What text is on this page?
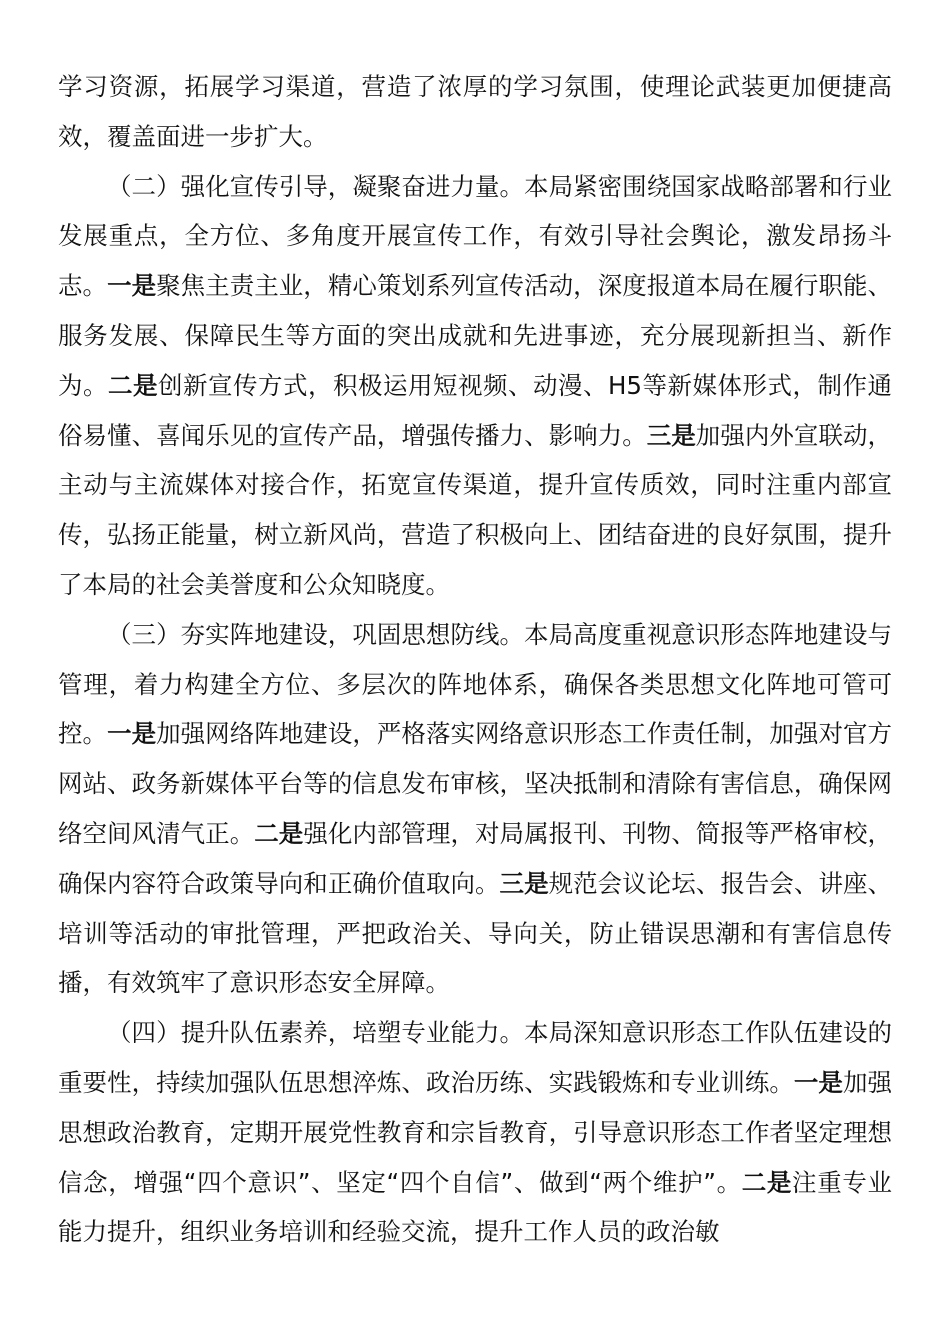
学习资源，拓展学习渠道，营造了浓厚的学习氛围，使理论武装更加便捷高效，覆盖面进一步扩大。

（二）强化宣传引导，凝聚奋进力量。本局紧密围绕国家战略部署和行业发展重点，全方位、多角度开展宣传工作，有效引导社会舆论，激发昂扬斗志。一是聚焦主责主业，精心策划系列宣传活动，深度报道本局在履行职能、服务发展、保障民生等方面的突出成就和先进事迹，充分展现新担当、新作为。二是创新宣传方式，积极运用短视频、动漫、H5等新媒体形式，制作通俗易懂、喜闻乐见的宣传产品，增强传播力、影响力。三是加强内外宣联动，主动与主流媒体对接合作，拓宽宣传渠道，提升宣传质效，同时注重内部宣传，弘扬正能量，树立新风尚，营造了积极向上、团结奋进的良好氛围，提升了本局的社会美誉度和公众知晓度。

（三）夯实阵地建设，巩固思想防线。本局高度重视意识形态阵地建设与管理，着力构建全方位、多层次的阵地体系，确保各类思想文化阵地可管可控。一是加强网络阵地建设，严格落实网络意识形态工作责任制，加强对官方网站、政务新媒体平台等的信息发布审核，坚决抵制和清除有害信息，确保网络空间风清气正。二是强化内部管理，对局属报刊、刊物、简报等严格审校，确保内容符合政策导向和正确价值取向。三是规范会议论坛、报告会、讲座、培训等活动的审批管理，严把政治关、导向关，防止错误思潮和有害信息传播，有效筑牢了意识形态安全屏障。

（四）提升队伍素养，培塑专业能力。本局深知意识形态工作队伍建设的重要性，持续加强队伍思想淬炼、政治历练、实践锻炼和专业训练。一是加强思想政治教育，定期开展党性教育和宗旨教育，引导意识形态工作者坚定理想信念，增强“四个意识”、坚定“四个自信”、做到“两个维护”。二是注重专业能力提升，组织业务培训和经验交流，提升工作人员的政治敏
